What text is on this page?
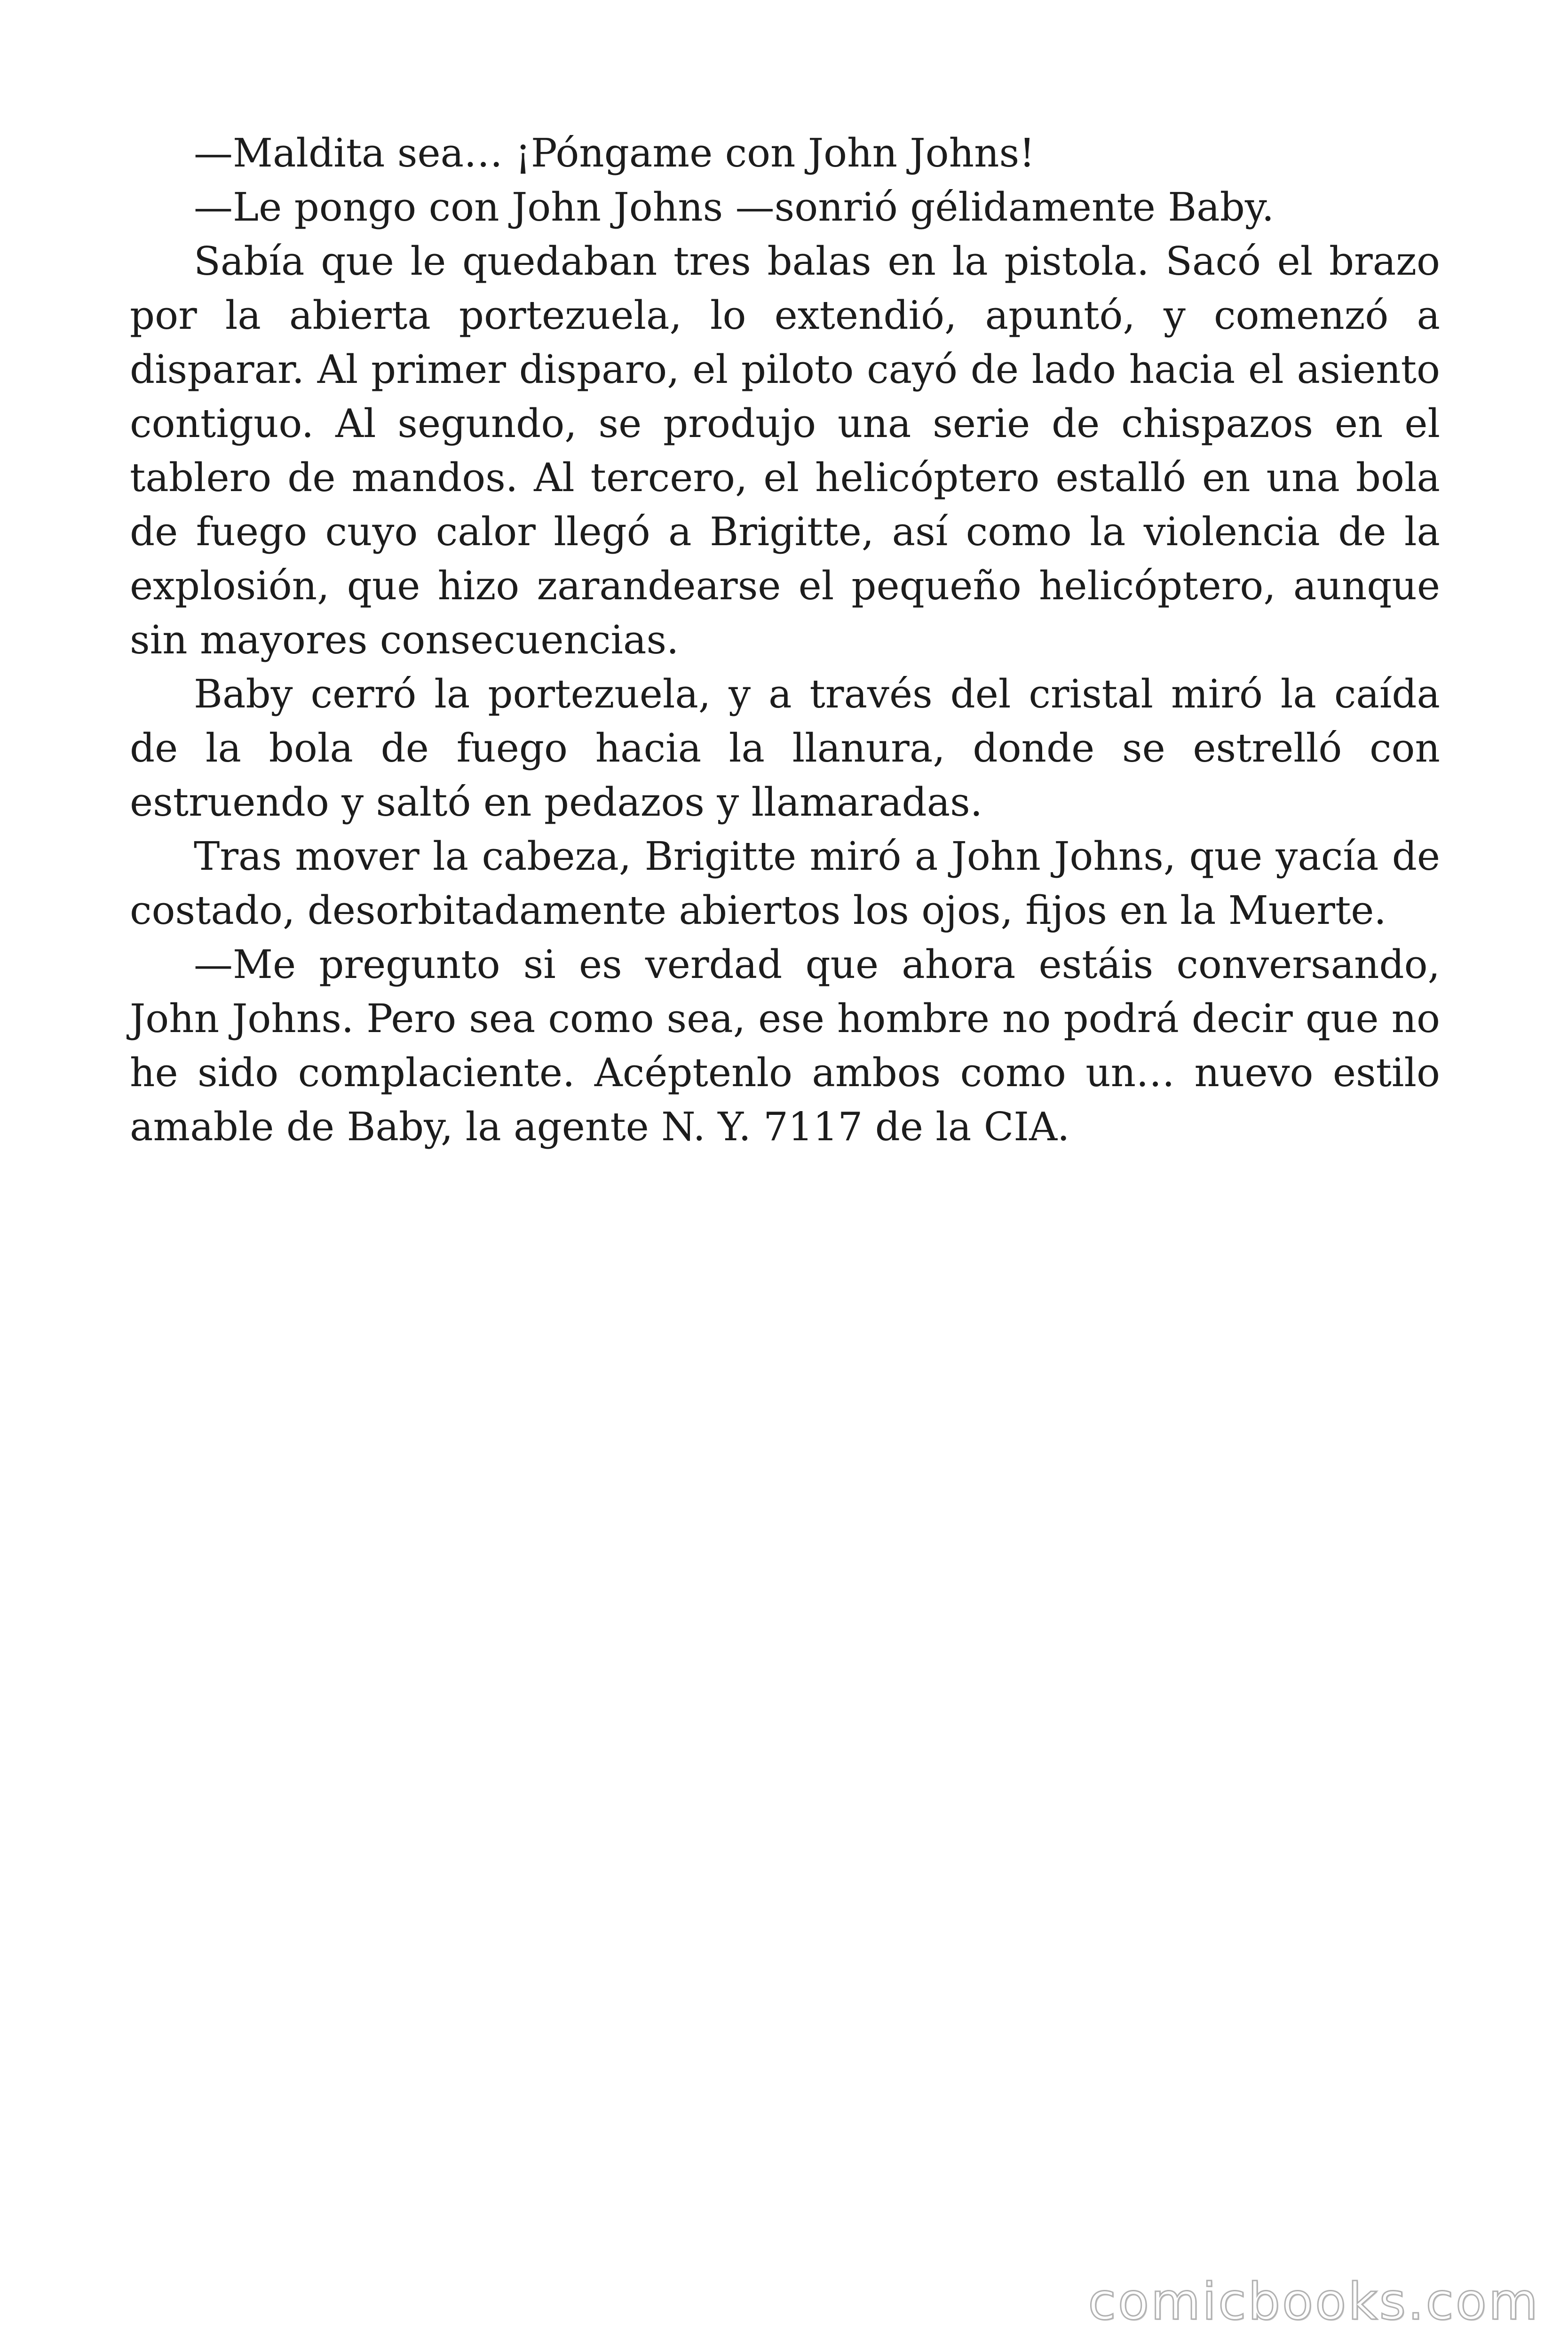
—Maldita sea… ¡Póngame con John Johns!

—Le pongo con John Johns —sonrió gélidamente Baby.

Sabía que le quedaban tres balas en la pistola. Sacó el brazo por la abierta portezuela, lo extendió, apuntó, y comenzó a disparar. Al primer disparo, el piloto cayó de lado hacia el asiento contiguo. Al segundo, se produjo una serie de chispazos en el tablero de mandos. Al tercero, el helicóptero estalló en una bola de fuego cuyo calor llegó a Brigitte, así como la violencia de la explosión, que hizo zarandearse el pequeño helicóptero, aunque sin mayores consecuencias.

Baby cerró la portezuela, y a través del cristal miró la caída de la bola de fuego hacia la llanura, donde se estrelló con estruendo y saltó en pedazos y llamaradas.

Tras mover la cabeza, Brigitte miró a John Johns, que yacía de costado, desorbitadamente abiertos los ojos, fijos en la Muerte.

—Me pregunto si es verdad que ahora estáis conversando, John Johns. Pero sea como sea, ese hombre no podrá decir que no he sido complaciente. Acéptenlo ambos como un… nuevo estilo amable de Baby, la agente N. Y. 7117 de la CIA.

comicbooks.com
